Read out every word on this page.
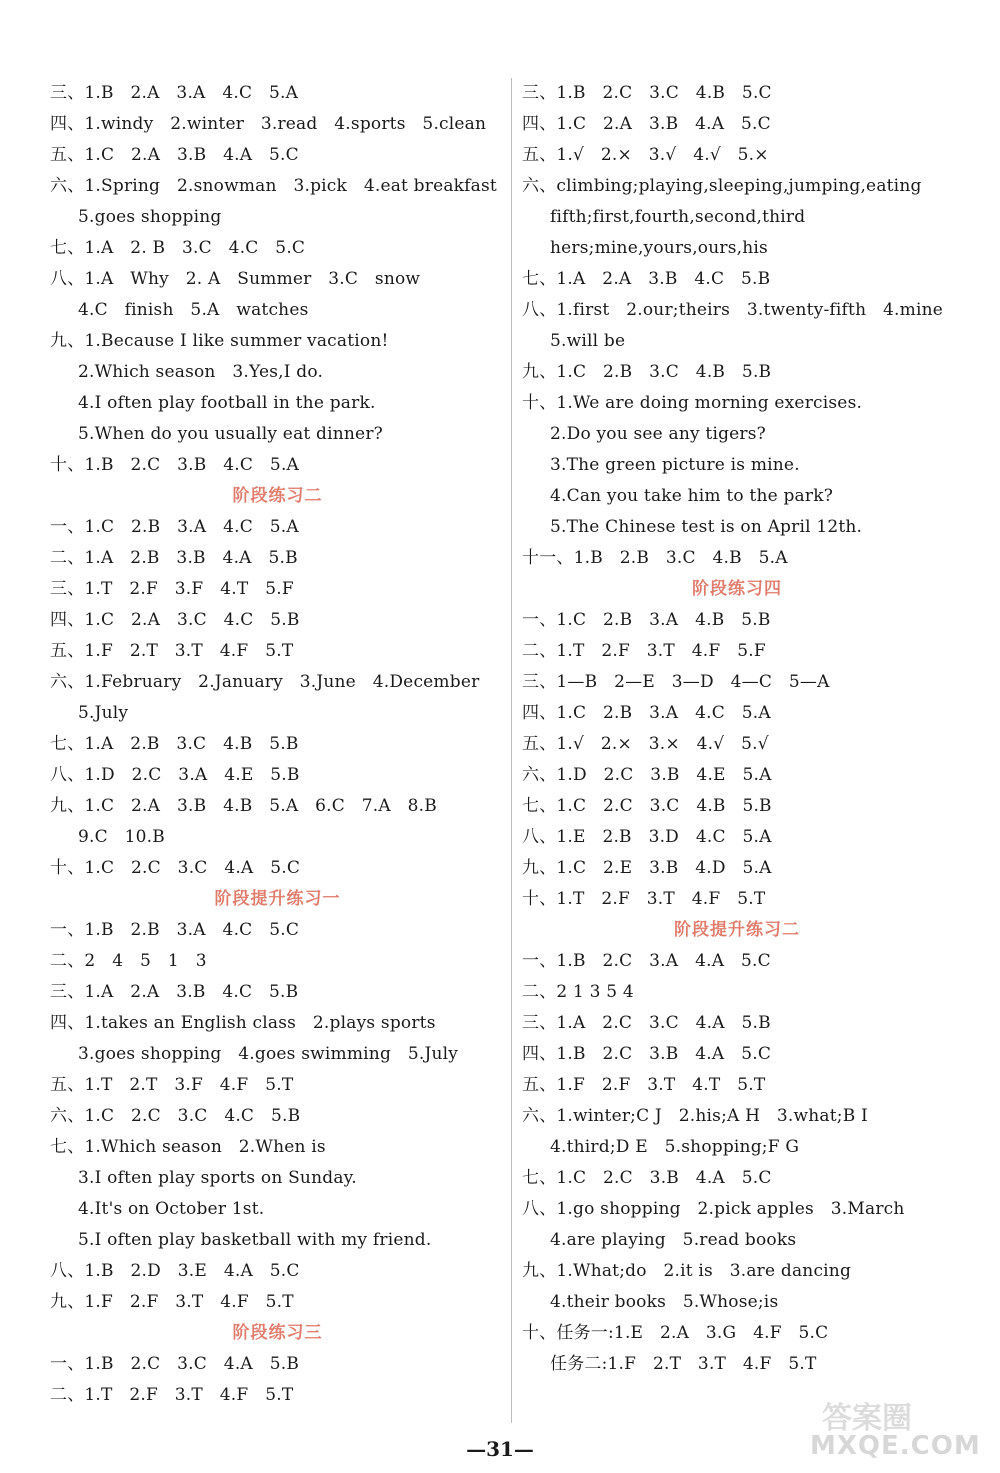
三、1.B   2.A   3.A   4.C   5.A
四、1.windy   2.winter   3.read   4.sports   5.clean
五、1.C   2.A   3.B   4.A   5.C
六、1.Spring   2.snowman   3.pick   4.eat breakfast
5.goes shopping
七、1.A   2. B   3.C   4.C   5.C
八、1.A   Why   2. A   Summer   3.C   snow
4.C   finish   5.A   watches
九、1.Because I like summer vacation!
2.Which season   3.Yes,I do.
4.I often play football in the park.
5.When do you usually eat dinner?
十、1.B   2.C   3.B   4.C   5.A
阶段练习二
一、1.C   2.B   3.A   4.C   5.A
二、1.A   2.B   3.B   4.A   5.B
三、1.T   2.F   3.F   4.T   5.F
四、1.C   2.A   3.C   4.C   5.B
五、1.F   2.T   3.T   4.F   5.T
六、1.February   2.January   3.June   4.December
5.July
七、1.A   2.B   3.C   4.B   5.B
八、1.D   2.C   3.A   4.E   5.B
九、1.C   2.A   3.B   4.B   5.A   6.C   7.A   8.B
9.C   10.B
十、1.C   2.C   3.C   4.A   5.C
阶段提升练习一
一、1.B   2.B   3.A   4.C   5.C
二、2   4   5   1   3
三、1.A   2.A   3.B   4.C   5.B
四、1.takes an English class   2.plays sports
3.goes shopping   4.goes swimming   5.July
五、1.T   2.T   3.F   4.F   5.T
六、1.C   2.C   3.C   4.C   5.B
七、1.Which season   2.When is
3.I often play sports on Sunday.
4.It's on October 1st.
5.I often play basketball with my friend.
八、1.B   2.D   3.E   4.A   5.C
九、1.F   2.F   3.T   4.F   5.T
阶段练习三
一、1.B   2.C   3.C   4.A   5.B
二、1.T   2.F   3.T   4.F   5.T
三、1.B   2.C   3.C   4.B   5.C
四、1.C   2.A   3.B   4.A   5.C
五、1.√   2.×   3.√   4.√   5.×
六、climbing;playing,sleeping,jumping,eating
fifth;first,fourth,second,third
hers;mine,yours,ours,his
七、1.A   2.A   3.B   4.C   5.B
八、1.first   2.our;theirs   3.twenty-fifth   4.mine
5.will be
九、1.C   2.B   3.C   4.B   5.B
十、1.We are doing morning exercises.
2.Do you see any tigers?
3.The green picture is mine.
4.Can you take him to the park?
5.The Chinese test is on April 12th.
十一、1.B   2.B   3.C   4.B   5.A
阶段练习四
一、1.C   2.B   3.A   4.B   5.B
二、1.T   2.F   3.T   4.F   5.F
三、1—B   2—E   3—D   4—C   5—A
四、1.C   2.B   3.A   4.C   5.A
五、1.√   2.×   3.×   4.√   5.√
六、1.D   2.C   3.B   4.E   5.A
七、1.C   2.C   3.C   4.B   5.B
八、1.E   2.B   3.D   4.C   5.A
九、1.C   2.E   3.B   4.D   5.A
十、1.T   2.F   3.T   4.F   5.T
阶段提升练习二
一、1.B   2.C   3.A   4.A   5.C
二、2 1 3 5 4
三、1.A   2.C   3.C   4.A   5.B
四、1.B   2.C   3.B   4.A   5.C
五、1.F   2.F   3.T   4.T   5.T
六、1.winter;C J   2.his;A H   3.what;B I
4.third;D E   5.shopping;F G
七、1.C   2.C   3.B   4.A   5.C
八、1.go shopping   2.pick apples   3.March
4.are playing   5.read books
九、1.What;do   2.it is   3.are dancing
4.their books   5.Whose;is
十、任务一:1.E   2.A   3.G   4.F   5.C
任务二:1.F   2.T   3.T   4.F   5.T
—31—
答案圈
MXQE.COM
